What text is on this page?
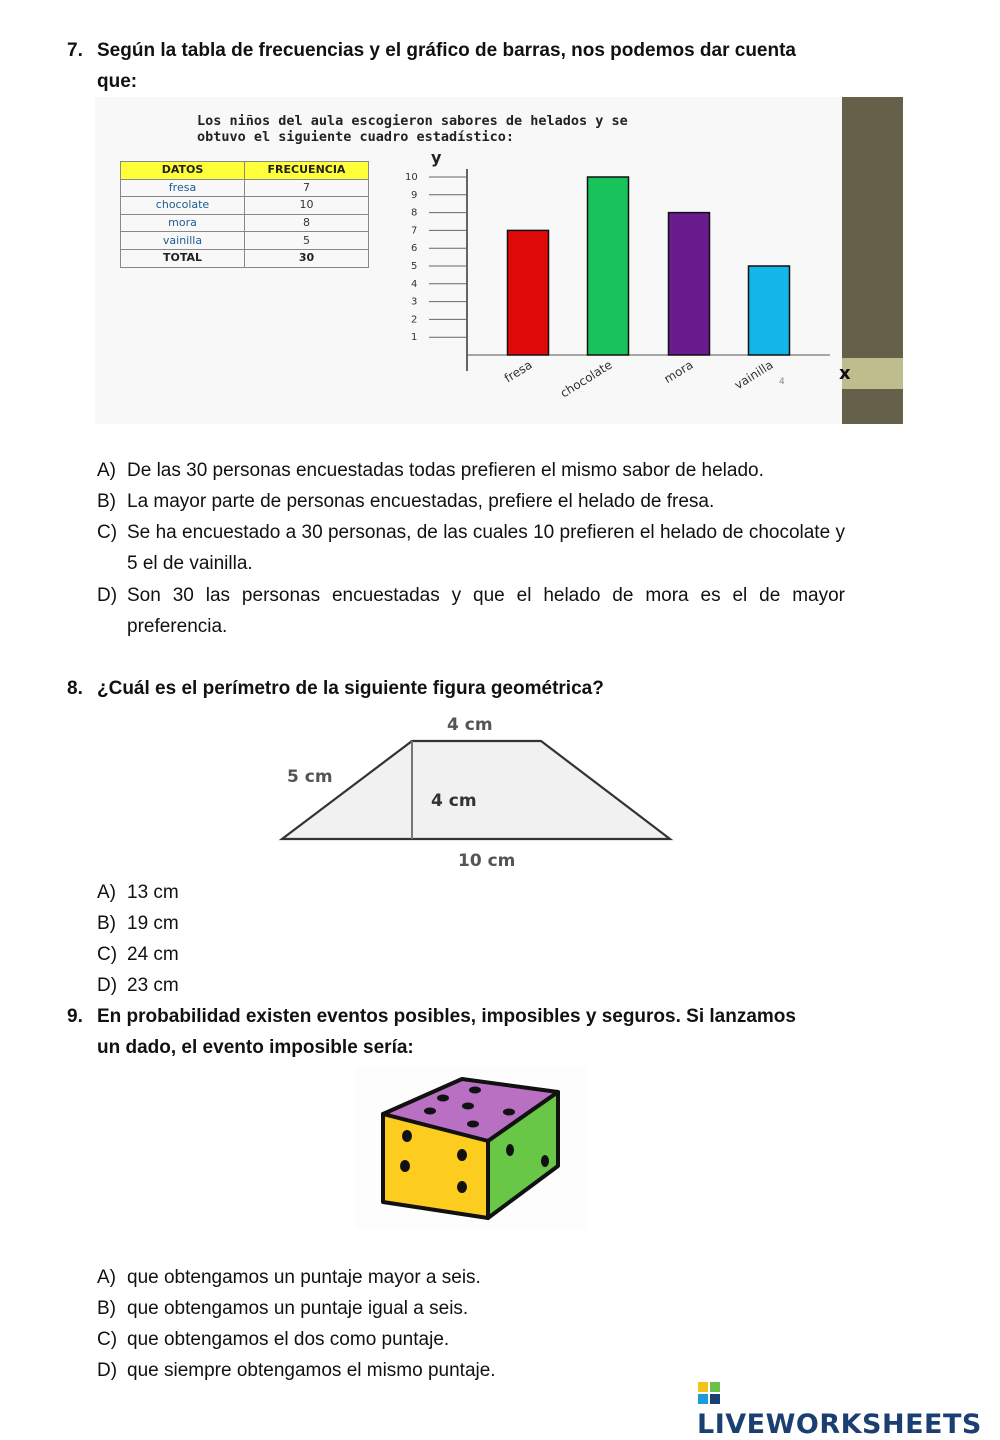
7. Según la tabla de frecuencias y el gráfico de barras, nos podemos dar cuenta
que:
Los niños del aula escogieron sabores de helados y se
obtuvo el siguiente cuadro estadístico:
DATOS	FRECUENCIA
fresa	7
chocolate	10
mora	8
vainilla	5
TOTAL	30
y
1
2
3
4
5
6
7
8
9
10
fresa chocolate	mora	vainilla 4	x
A) De las 30 personas encuestadas todas prefieren el mismo sabor de helado.
B) La mayor parte de personas encuestadas, prefiere el helado de fresa.
C) Se ha encuestado a 30 personas, de las cuales 10 prefieren el helado de chocolate y 5 el de vainilla.
D) Son 30 las personas encuestadas y que el helado de mora es el de mayor preferencia.
8. ¿Cuál es el perímetro de la siguiente figura geométrica?
4 cm
5 cm
4 cm
10 cm
A) 13 cm
B) 19 cm
C) 24 cm
D) 23 cm
9. En probabilidad existen eventos posibles, imposibles y seguros. Si lanzamos
un dado, el evento imposible sería:
A) que obtengamos un puntaje mayor a seis.
B) que obtengamos un puntaje igual a seis.
C) que obtengamos el dos como puntaje.
D) que siempre obtengamos el mismo puntaje.
LIVEWORKSHEETS
